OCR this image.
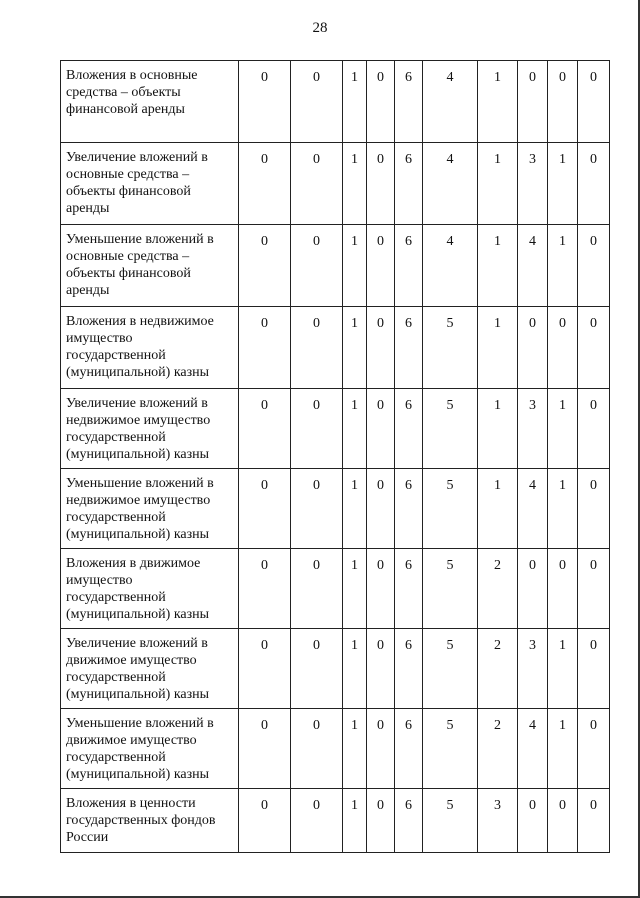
28
Вложения в основные средства – объекты финансовой аренды	0	0	1	0	6	4	1	0	0	0
Увеличение вложений в основные средства – объекты финансовой аренды	0	0	1	0	6	4	1	3	1	0
Уменьшение вложений в основные средства – объекты финансовой аренды	0	0	1	0	6	4	1	4	1	0
Вложения в недвижимое имущество государственной (муниципальной) казны	0	0	1	0	6	5	1	0	0	0
Увеличение вложений в недвижимое имущество государственной (муниципальной) казны	0	0	1	0	6	5	1	3	1	0
Уменьшение вложений в недвижимое имущество государственной (муниципальной) казны	0	0	1	0	6	5	1	4	1	0
Вложения в движимое имущество государственной (муниципальной) казны	0	0	1	0	6	5	2	0	0	0
Увеличение вложений в движимое имущество государственной (муниципальной) казны	0	0	1	0	6	5	2	3	1	0
Уменьшение вложений в движимое имущество государственной (муниципальной) казны	0	0	1	0	6	5	2	4	1	0
Вложения в ценности государственных фондов России	0	0	1	0	6	5	3	0	0	0
